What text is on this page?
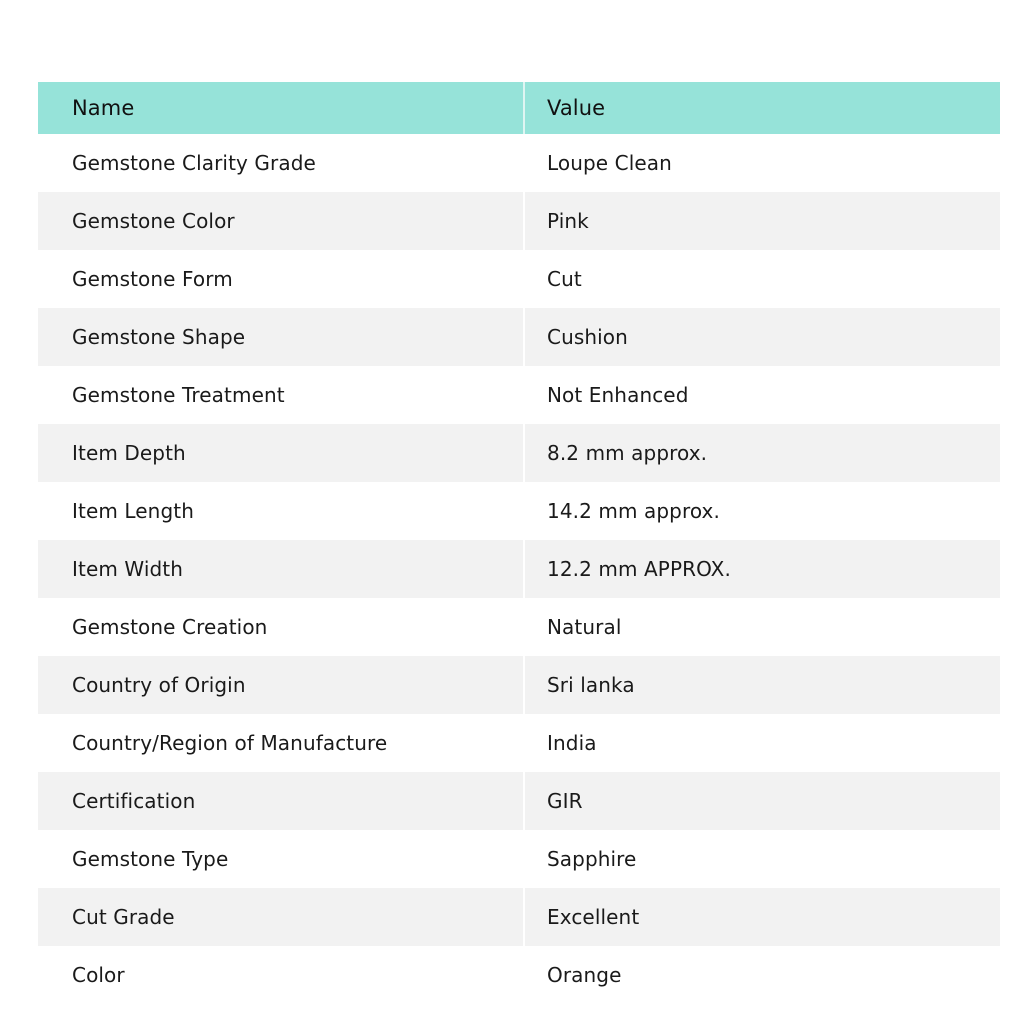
Name	Value
Gemstone Clarity Grade	Loupe Clean
Gemstone Color	Pink
Gemstone Form	Cut
Gemstone Shape	Cushion
Gemstone Treatment	Not Enhanced
Item Depth	8.2 mm approx.
Item Length	14.2 mm approx.
Item Width	12.2 mm APPROX.
Gemstone Creation	Natural
Country of Origin	Sri lanka
Country/Region of Manufacture	India
Certification	GIR
Gemstone Type	Sapphire
Cut Grade	Excellent
Color	Orange
